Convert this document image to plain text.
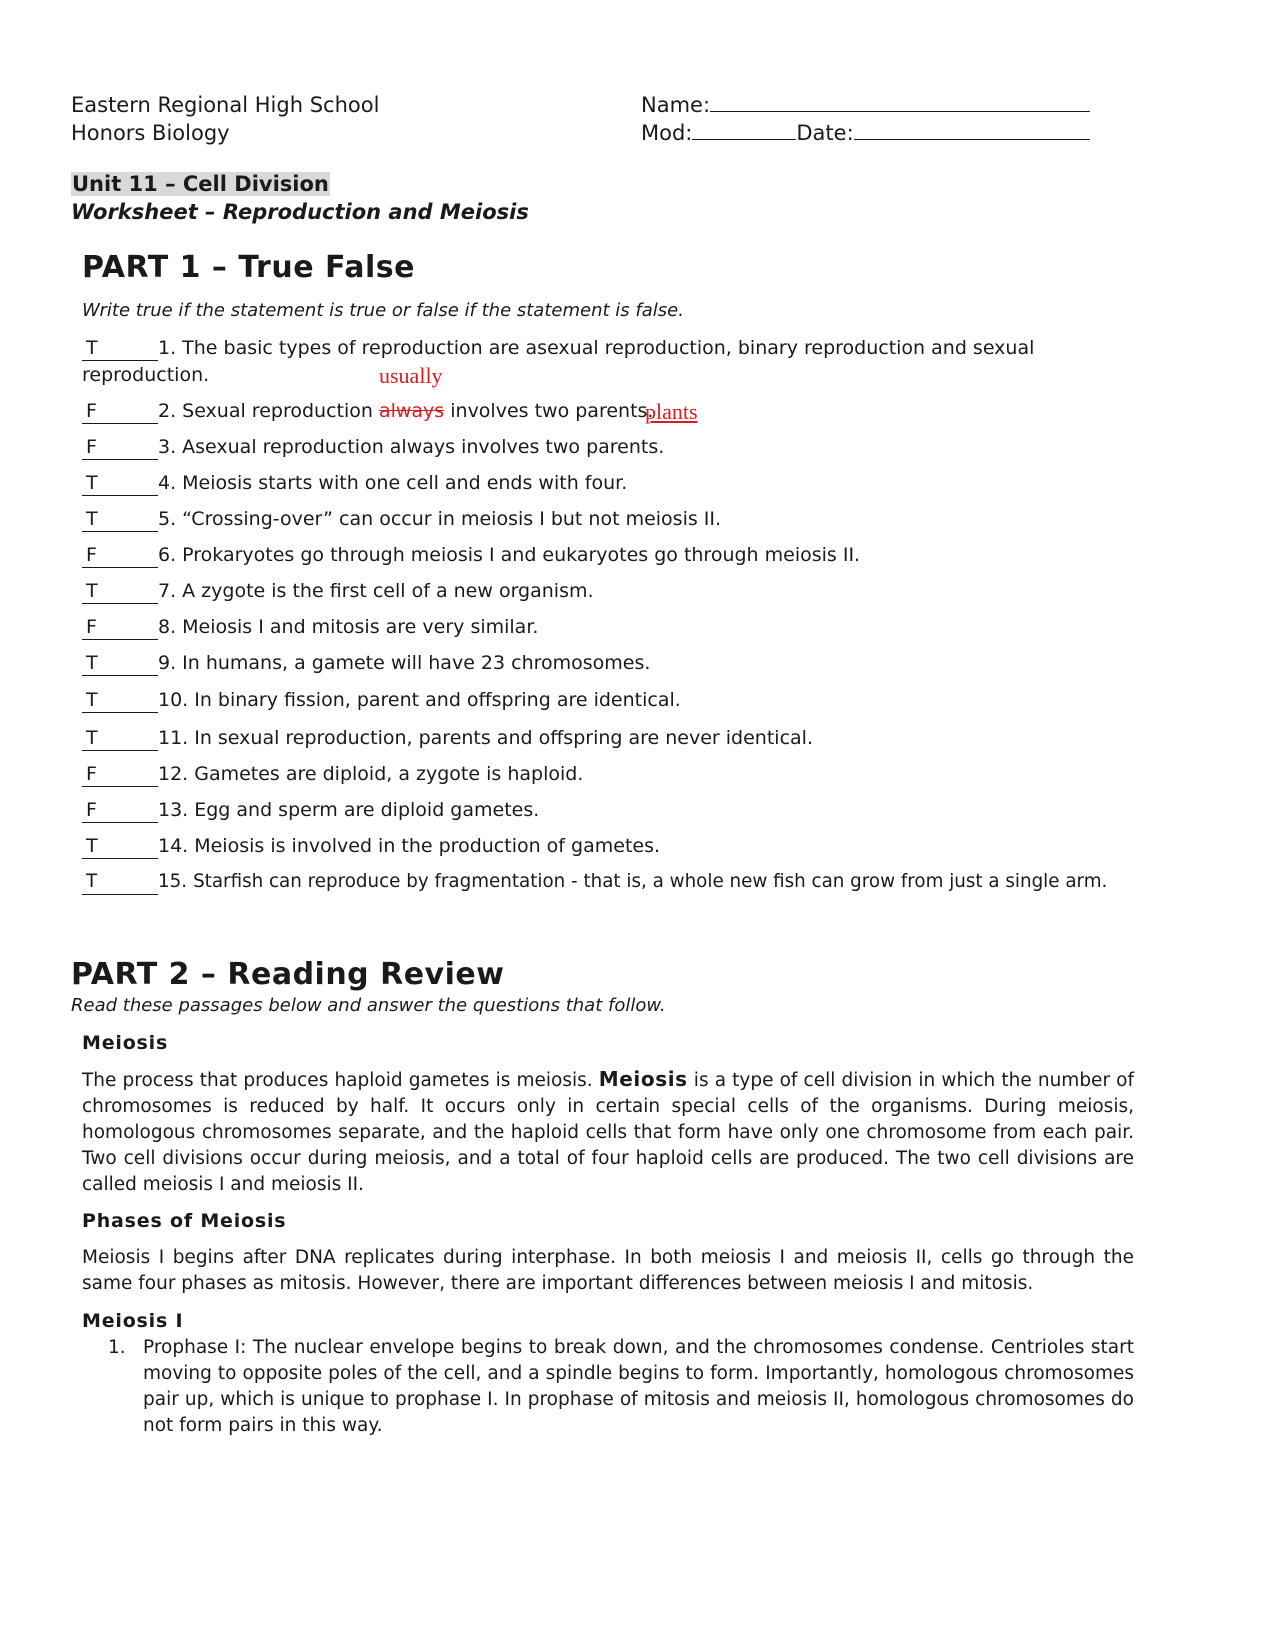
Eastern Regional High School
Honors Biology
Name:
Mod:	Date:
Unit 11 – Cell Division
Worksheet – Reproduction and Meiosis
PART 1 – True False
Write true if the statement is true or false if the statement is false.
T	1. The basic types of reproduction are asexual reproduction, binary reproduction and sexual
reproduction.	usually
F	2. Sexual reproduction always involves two parents.
plants
F	3. Asexual reproduction always involves two parents.
T	4. Meiosis starts with one cell and ends with four.
T	5. “Crossing-over” can occur in meiosis I but not meiosis II.
F	6. Prokaryotes go through meiosis I and eukaryotes go through meiosis II.
T	7. A zygote is the first cell of a new organism.
F	8. Meiosis I and mitosis are very similar.
T	9. In humans, a gamete will have 23 chromosomes.
T	10. In binary fission, parent and offspring are identical.
T	11. In sexual reproduction, parents and offspring are never identical.
F	12. Gametes are diploid, a zygote is haploid.
F	13. Egg and sperm are diploid gametes.
T	14. Meiosis is involved in the production of gametes.
T	15. Starfish can reproduce by fragmentation - that is, a whole new fish can grow from just a single arm.
PART 2 – Reading Review
Read these passages below and answer the questions that follow.
Meiosis
The process that produces haploid gametes is meiosis. Meiosis is a type of cell division in which the number of chromosomes is reduced by half. It occurs only in certain special cells of the organisms. During meiosis, homologous chromosomes separate, and the haploid cells that form have only one chromosome from each pair. Two cell divisions occur during meiosis, and a total of four haploid cells are produced. The two cell divisions are called meiosis I and meiosis II.
Phases of Meiosis
Meiosis I begins after DNA replicates during interphase. In both meiosis I and meiosis II, cells go through the same four phases as mitosis. However, there are important differences between meiosis I and mitosis.
Meiosis I
1. Prophase I: The nuclear envelope begins to break down, and the chromosomes condense. Centrioles start moving to opposite poles of the cell, and a spindle begins to form. Importantly, homologous chromosomes pair up, which is unique to prophase I. In prophase of mitosis and meiosis II, homologous chromosomes do not form pairs in this way.
